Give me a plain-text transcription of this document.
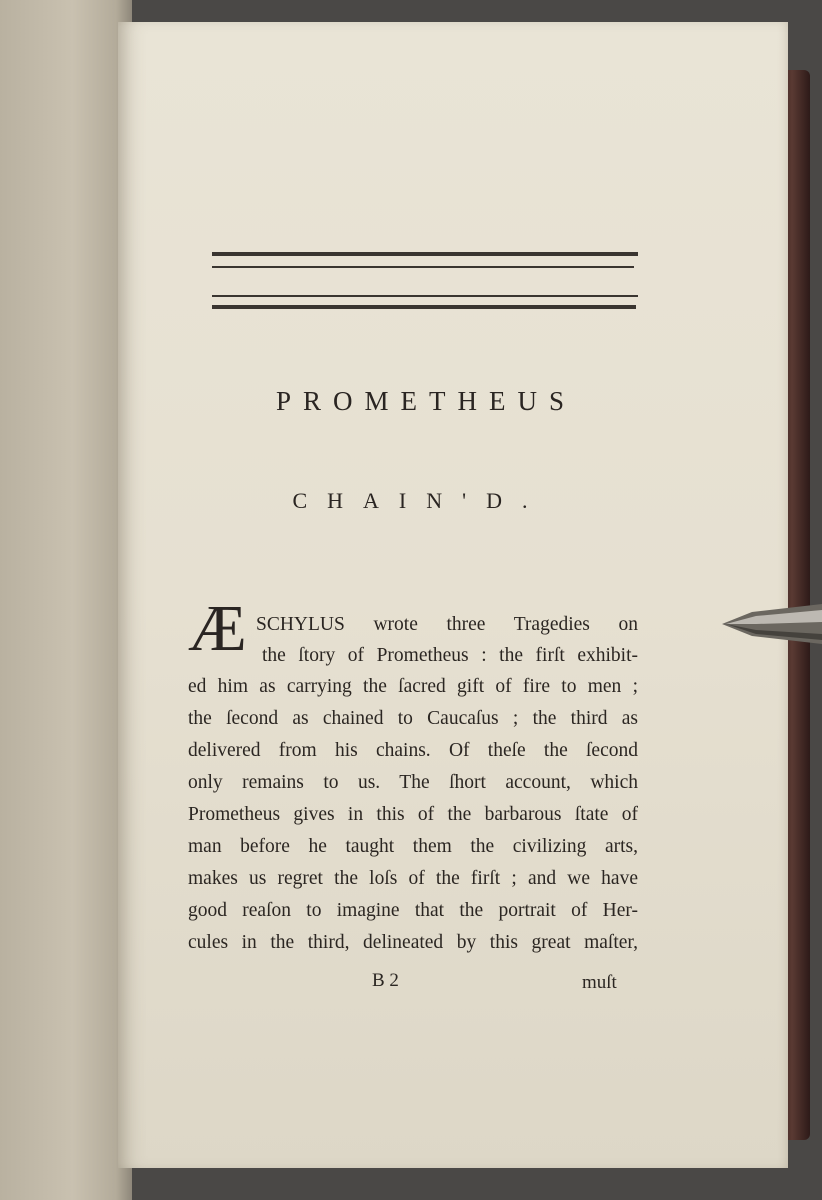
PROMETHEUS
CHAIN'D.
Æ SCHYLUS wrote three Tragedies on
the ſtory of Prometheus : the firſt exhibit-
ed him as carrying the ſacred gift of fire to men ;
the ſecond as chained to Caucaſus ; the third as
delivered from his chains. Of theſe the ſecond
only remains to us. The ſhort account, which
Prometheus gives in this of the barbarous ſtate of
man before he taught them the civilizing arts,
makes us regret the loſs of the firſt ; and we have
good reaſon to imagine that the portrait of Her-
cules in the third, delineated by this great maſter,
B 2	muſt
